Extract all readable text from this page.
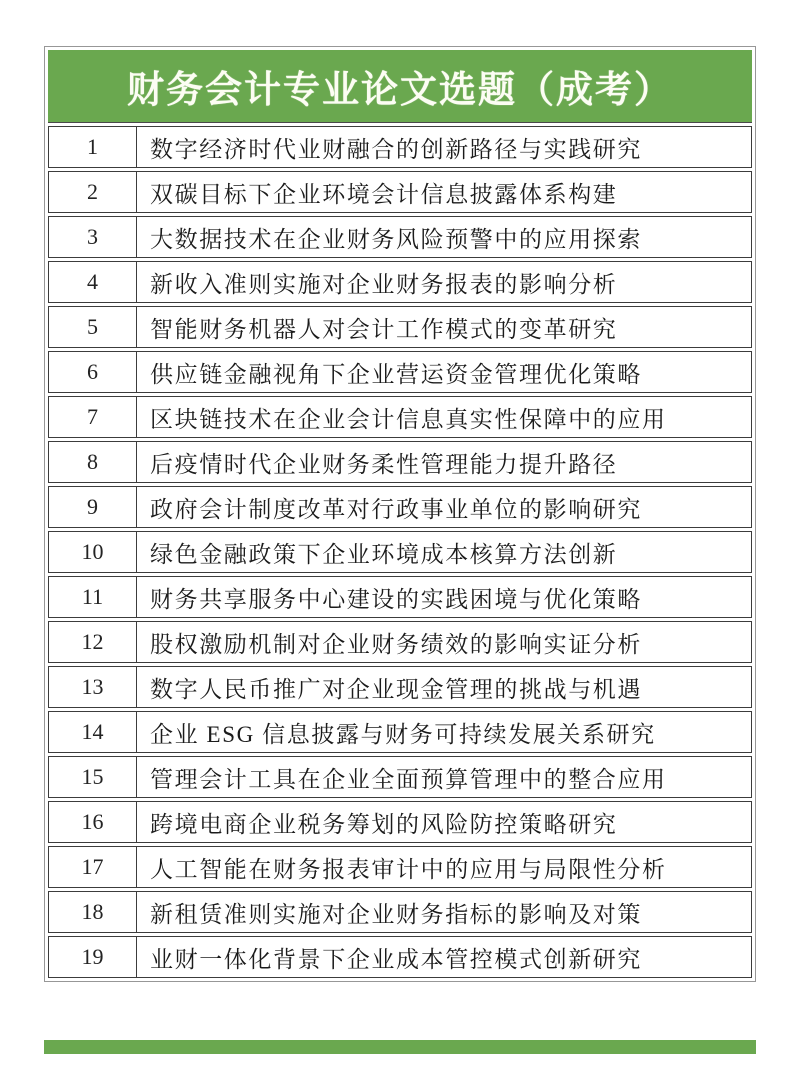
财务会计专业论文选题（成考）
1	数字经济时代业财融合的创新路径与实践研究
2	双碳目标下企业环境会计信息披露体系构建
3	大数据技术在企业财务风险预警中的应用探索
4	新收入准则实施对企业财务报表的影响分析
5	智能财务机器人对会计工作模式的变革研究
6	供应链金融视角下企业营运资金管理优化策略
7	区块链技术在企业会计信息真实性保障中的应用
8	后疫情时代企业财务柔性管理能力提升路径
9	政府会计制度改革对行政事业单位的影响研究
10	绿色金融政策下企业环境成本核算方法创新
11	财务共享服务中心建设的实践困境与优化策略
12	股权激励机制对企业财务绩效的影响实证分析
13	数字人民币推广对企业现金管理的挑战与机遇
14	企业 ESG 信息披露与财务可持续发展关系研究
15	管理会计工具在企业全面预算管理中的整合应用
16	跨境电商企业税务筹划的风险防控策略研究
17	人工智能在财务报表审计中的应用与局限性分析
18	新租赁准则实施对企业财务指标的影响及对策
19	业财一体化背景下企业成本管控模式创新研究
